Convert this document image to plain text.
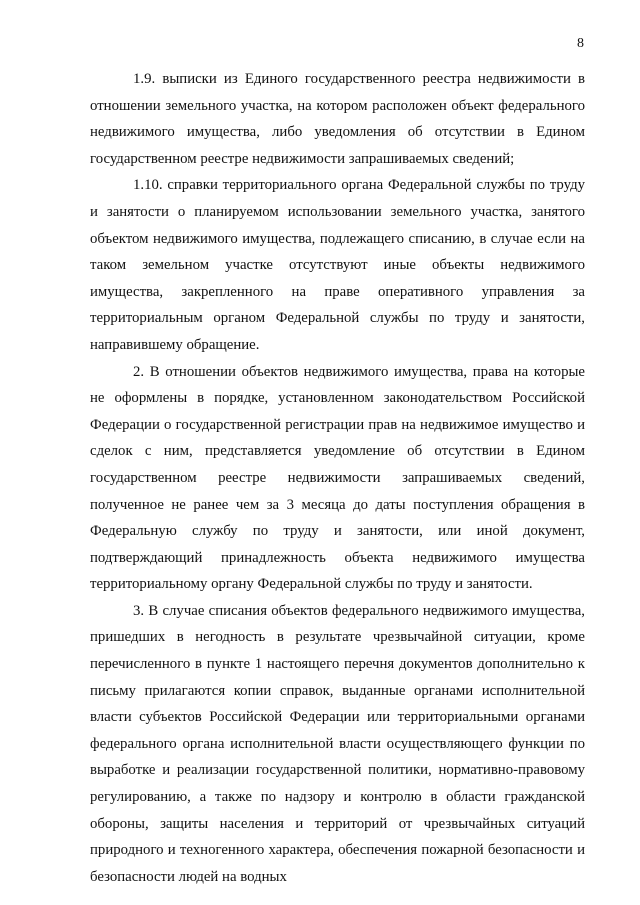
8

1.9. выписки из Единого государственного реестра недвижимости в отношении земельного участка, на котором расположен объект федерального недвижимого имущества, либо уведомления об отсутствии в Едином государственном реестре недвижимости запрашиваемых сведений;

1.10. справки территориального органа Федеральной службы по труду и занятости о планируемом использовании земельного участка, занятого объектом недвижимого имущества, подлежащего списанию, в случае если на таком земельном участке отсутствуют иные объекты недвижимого имущества, закрепленного на праве оперативного управления за территориальным органом Федеральной службы по труду и занятости, направившему обращение.

2. В отношении объектов недвижимого имущества, права на которые не оформлены в порядке, установленном законодательством Российской Федерации о государственной регистрации прав на недвижимое имущество и сделок с ним, представляется уведомление об отсутствии в Едином государственном реестре недвижимости запрашиваемых сведений, полученное не ранее чем за 3 месяца до даты поступления обращения в Федеральную службу по труду и занятости, или иной документ, подтверждающий принадлежность объекта недвижимого имущества территориальному органу Федеральной службы по труду и занятости.

3. В случае списания объектов федерального недвижимого имущества, пришедших в негодность в результате чрезвычайной ситуации, кроме перечисленного в пункте 1 настоящего перечня документов дополнительно к письму прилагаются копии справок, выданные органами исполнительной власти субъектов Российской Федерации или территориальными органами федерального органа исполнительной власти осуществляющего функции по выработке и реализации государственной политики, нормативно-правовому регулированию, а также по надзору и контролю в области гражданской обороны, защиты населения и территорий от чрезвычайных ситуаций природного и техногенного характера, обеспечения пожарной безопасности и безопасности людей на водных
